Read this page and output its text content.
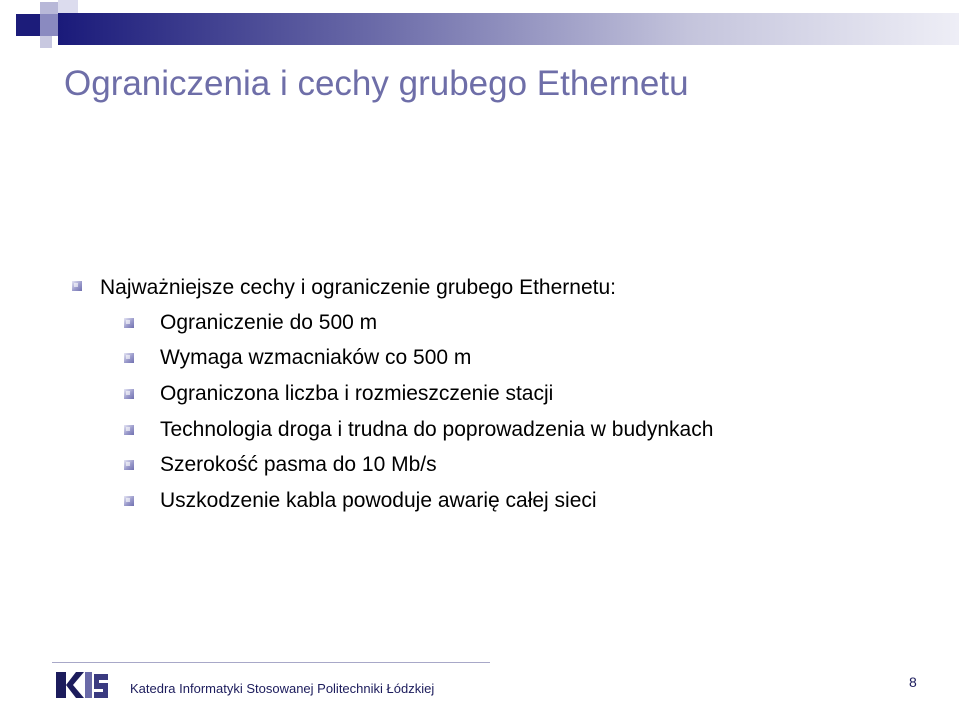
Ograniczenia i cechy grubego Ethernetu
Najważniejsze cechy i ograniczenie grubego Ethernetu:
Ograniczenie do 500 m
Wymaga wzmacniaków co 500 m
Ograniczona liczba i rozmieszczenie stacji
Technologia droga i trudna do poprowadzenia w budynkach
Szerokość pasma do 10 Mb/s
Uszkodzenie kabla powoduje awarię całej sieci
Katedra Informatyki Stosowanej Politechniki Łódzkiej	8
